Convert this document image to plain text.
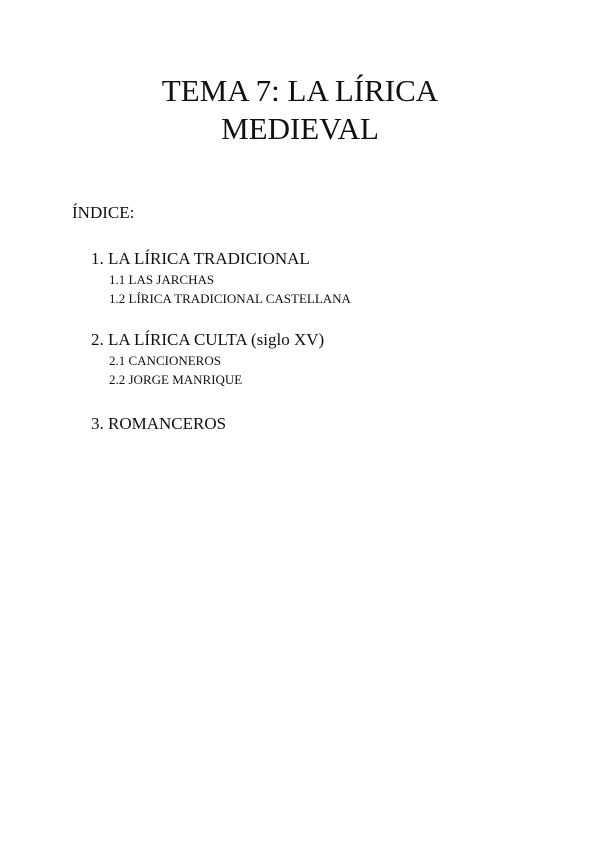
TEMA 7: LA LÍRICA
MEDIEVAL

ÍNDICE:

1. LA LÍRICA TRADICIONAL
1.1 LAS JARCHAS
1.2 LÍRICA TRADICIONAL CASTELLANA
2. LA LÍRICA CULTA (siglo XV)
2.1 CANCIONEROS
2.2 JORGE MANRIQUE
3. ROMANCEROS
